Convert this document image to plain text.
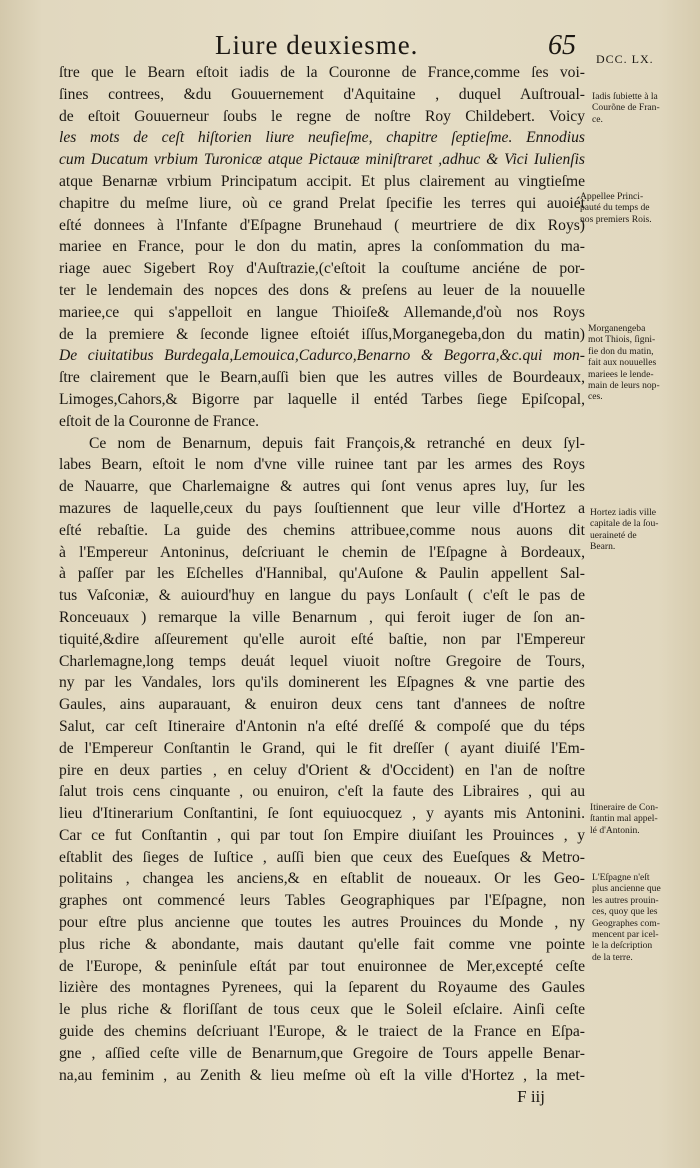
Liure deuxiesme.	65 DCC. LX.
ſtre que le Bearn eſtoit iadis de la Couronne de France,comme ſes voi-
ſines contrees, &du Gouuernement d'Aquitaine , duquel Auſtroual-
de eſtoit Gouuerneur ſoubs le regne de noſtre Roy Childebert. Voicy
les mots de ceſt hiſtorien liure neufieſme, chapitre ſeptieſme. Ennodius
cum Ducatum vrbium Turonicæ atque Pictauæ miniſtraret ,adhuc & Vici Iulienſis
atque Benarnæ vrbium Principatum accipit. Et plus clairement au vingtieſme
chapitre du meſme liure, où ce grand Prelat ſpecifie les terres qui auoiét
eſté donnees à l'Infante d'Eſpagne Brunehaud ( meurtriere de dix Roys)
mariee en France, pour le don du matin, apres la conſommation du ma-
riage auec Sigebert Roy d'Auſtrazie,(c'eſtoit la couſtume anciéne de por-
ter le lendemain des nopces des dons & preſens au leuer de la nouuelle
mariee,ce qui s'appelloit en langue Thioiſe& Allemande,d'où nos Roys
de la premiere & ſeconde lignee eſtoiét iſſus,Morganegeba,don du matin)
De ciuitatibus Burdegala,Lemouica,Cadurco,Benarno & Begorra,&c.qui mon-
ſtre clairement que le Bearn,auſſi bien que les autres villes de Bourdeaux,
Limoges,Cahors,& Bigorre par laquelle il entéd Tarbes ſiege Epiſcopal,
eſtoit de la Couronne de France.
Ce nom de Benarnum, depuis fait François,& retranché en deux ſyl-
labes Bearn, eſtoit le nom d'vne ville ruinee tant par les armes des Roys
de Nauarre, que Charlemaigne & autres qui ſont venus apres luy, ſur les
mazures de laquelle,ceux du pays ſouſtiennent que leur ville d'Hortez a
eſté rebaſtie. La guide des chemins attribuee,comme nous auons dit
à l'Empereur Antoninus, deſcriuant le chemin de l'Eſpagne à Bordeaux,
à paſſer par les Eſchelles d'Hannibal, qu'Auſone & Paulin appellent Sal-
tus Vaſconiæ, & auiourd'huy en langue du pays Lonſault ( c'eſt le pas de
Ronceuaux ) remarque la ville Benarnum , qui feroit iuger de ſon an-
tiquité,&dire aſſeurement qu'elle auroit eſté baſtie, non par l'Empereur
Charlemagne,long temps deuát lequel viuoit noſtre Gregoire de Tours,
ny par les Vandales, lors qu'ils dominerent les Eſpagnes & vne partie des
Gaules, ains auparauant, & enuiron deux cens tant d'annees de noſtre
Salut, car ceſt Itineraire d'Antonin n'a eſté dreſſé & compoſé que du téps
de l'Empereur Conſtantin le Grand, qui le fit dreſſer ( ayant diuiſé l'Em-
pire en deux parties , en celuy d'Orient & d'Occident) en l'an de noſtre
ſalut trois cens cinquante , ou enuiron, c'eſt la faute des Libraires , qui au
lieu d'Itinerarium Conſtantini, ſe ſont equiuocquez , y ayants mis Antonini.
Car ce fut Conſtantin , qui par tout ſon Empire diuiſant les Prouinces , y
eſtablit des ſieges de Iuſtice , auſſi bien que ceux des Eueſques & Metro-
politains , changea les anciens,& en eſtablit de noueaux. Or les Geo-
graphes ont commencé leurs Tables Geographiques par l'Eſpagne, non
pour eſtre plus ancienne que toutes les autres Prouinces du Monde , ny
plus riche & abondante, mais dautant qu'elle fait comme vne pointe
de l'Europe, & peninſule eſtát par tout enuironnee de Mer,excepté ceſte
lizière des montagnes Pyrenees, qui la ſeparent du Royaume des Gaules
le plus riche & floriſſant de tous ceux que le Soleil eſclaire. Ainſi ceſte
guide des chemins deſcriuant l'Europe, & le traiect de la France en Eſpa-
gne , aſſied ceſte ville de Benarnum,que Gregoire de Tours appelle Benar-
na,au feminim , au Zenith & lieu meſme où eſt la ville d'Hortez , la met-
F iij
Iadis ſubiette à la
Courõne de Fran-
ce.
Appellee Princi-
pauté du temps de
nos premiers Rois.
Morganengeba
mot Thiois, ſigni-
fie don du matin,
fait aux nouuelles
mariees le lende-
main de leurs nop-
ces.
Hortez iadis ville
capitale de la ſou-
ueraineté de
Bearn.
Itineraire de Con-
ſtantin mal appel-
lé d'Antonin.
L'Eſpagne n'eſt
plus ancienne que
les autres prouin-
ces, quoy que les
Geographes com-
mencent par icel-
le la deſcription
de la terre.
